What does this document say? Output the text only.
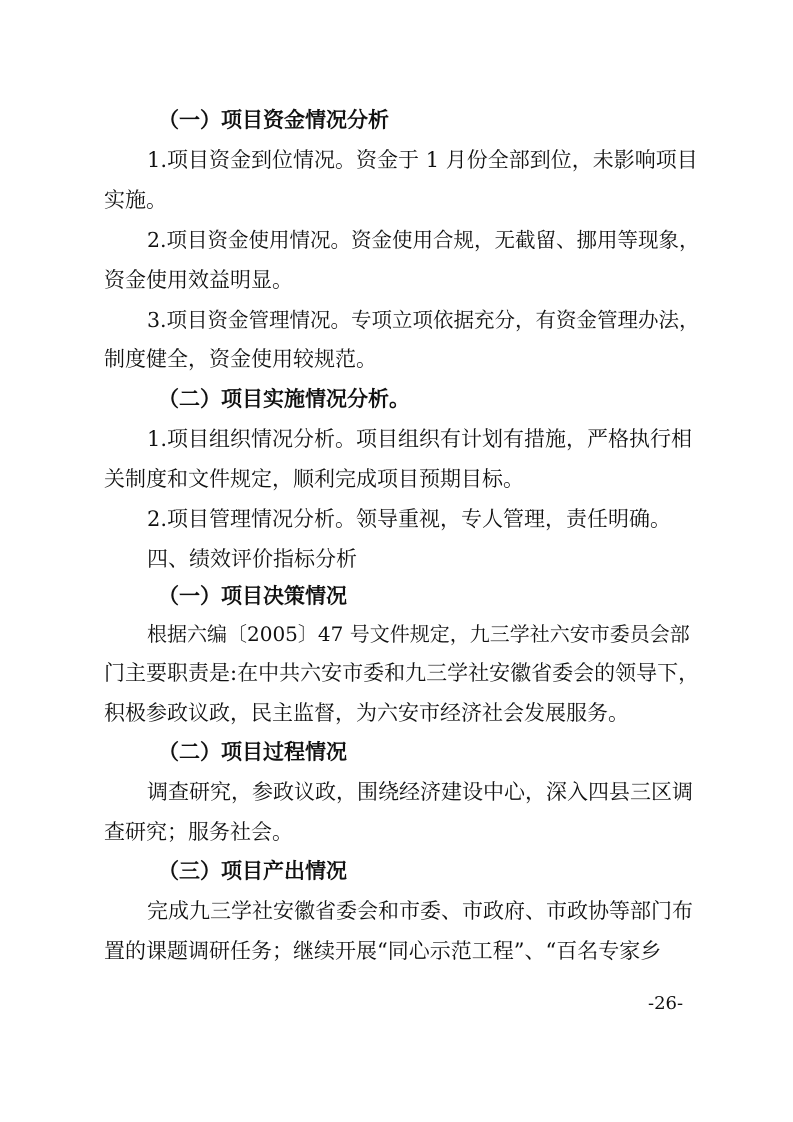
（一）项目资金情况分析
1.项目资金到位情况。资金于 1 月份全部到位，未影响项目
实施。
2.项目资金使用情况。资金使用合规，无截留、挪用等现象，
资金使用效益明显。
3.项目资金管理情况。专项立项依据充分，有资金管理办法，
制度健全，资金使用较规范。
（二）项目实施情况分析。
1.项目组织情况分析。项目组织有计划有措施，严格执行相
关制度和文件规定，顺利完成项目预期目标。
2.项目管理情况分析。领导重视，专人管理，责任明确。
四、绩效评价指标分析
（一）项目决策情况
根据六编〔2005〕47 号文件规定，九三学社六安市委员会部
门主要职责是:在中共六安市委和九三学社安徽省委会的领导下，
积极参政议政，民主监督，为六安市经济社会发展服务。
（二）项目过程情况
调查研究，参政议政，围绕经济建设中心，深入四县三区调
查研究；服务社会。
（三）项目产出情况
完成九三学社安徽省委会和市委、市政府、市政协等部门布
置的课题调研任务；继续开展“同心示范工程”、“百名专家乡
-26-
